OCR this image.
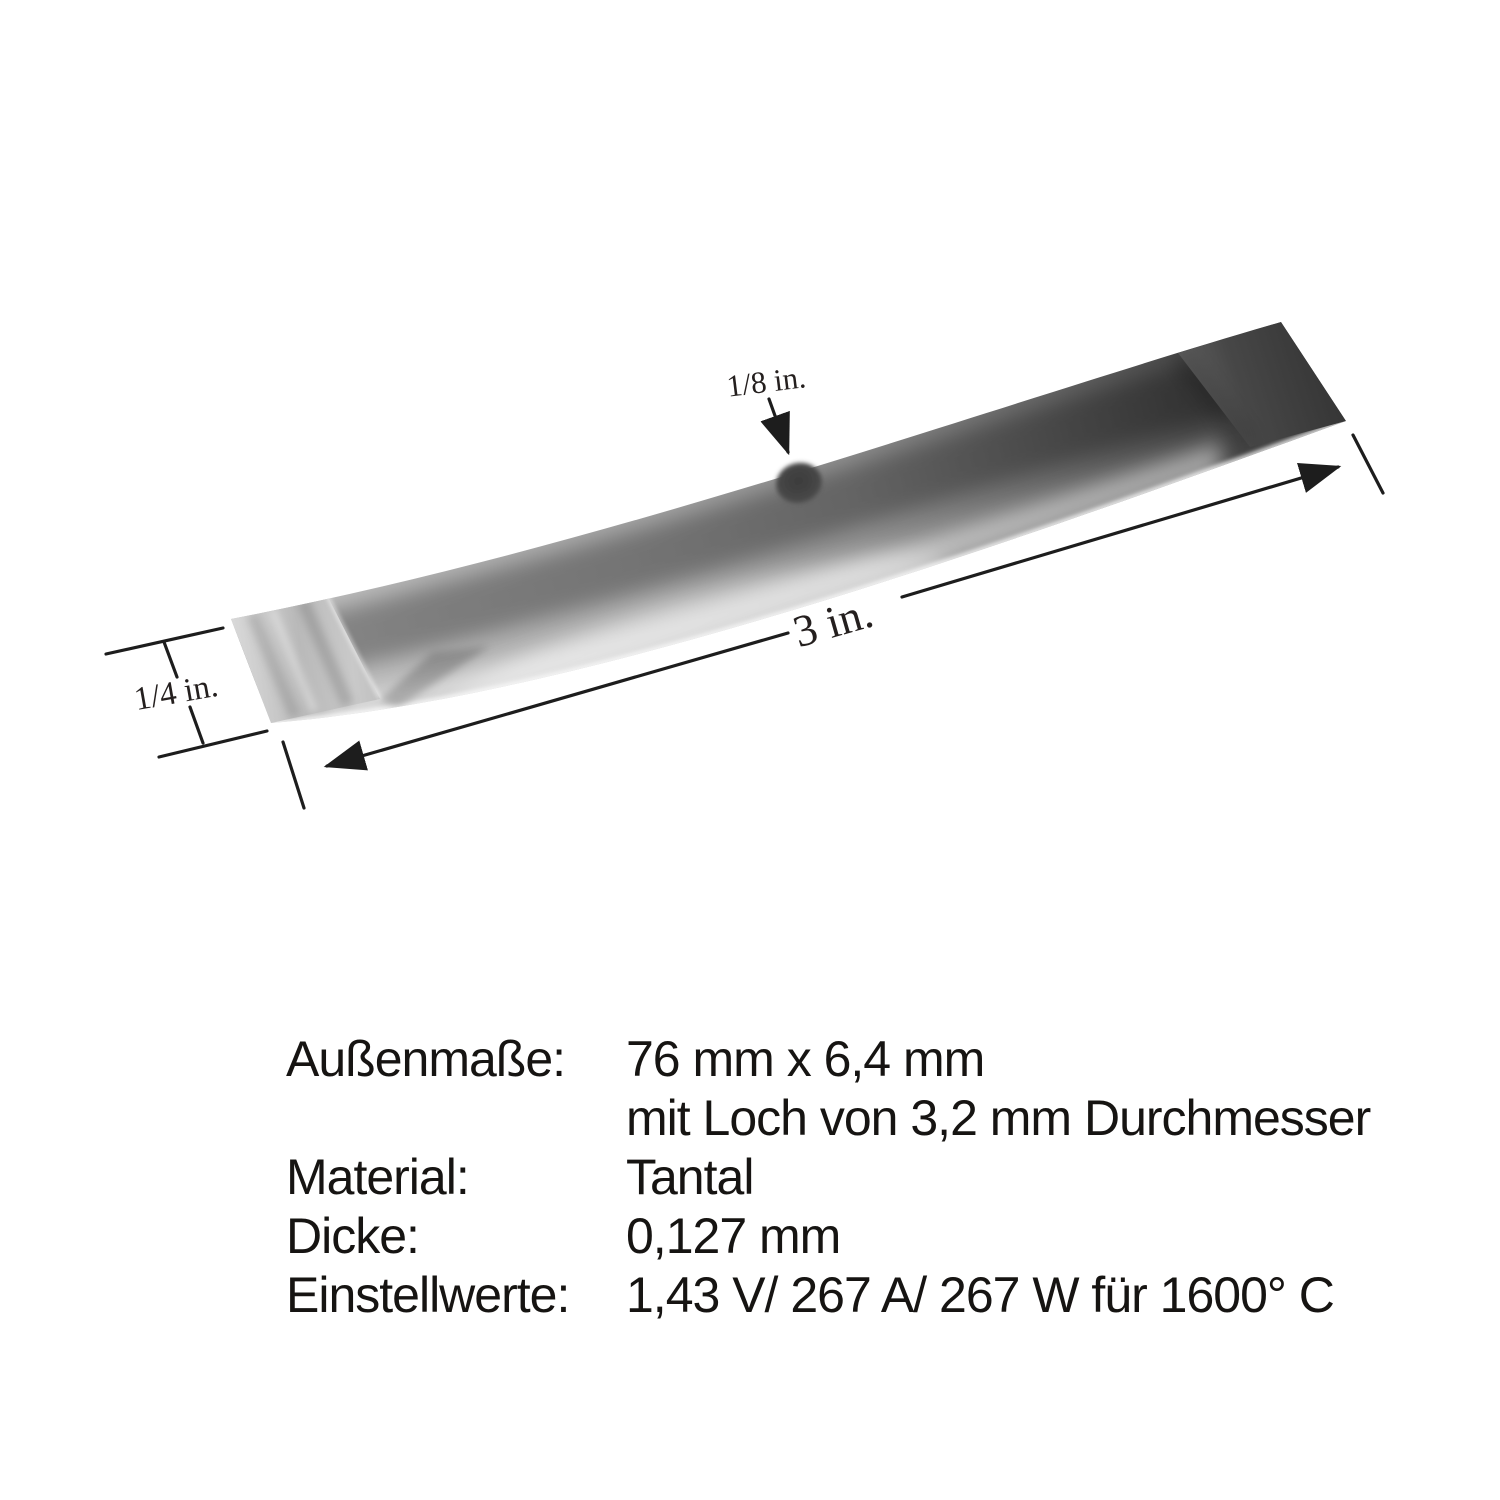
1/8 in.
3 in.
1/4 in.
Außenmaße:	76 mm x 6,4 mm
mit Loch von 3,2 mm Durchmesser
Material:	Tantal
Dicke:	0,127 mm
Einstellwerte:	1,43 V/ 267 A/ 267 W für 1600° C
